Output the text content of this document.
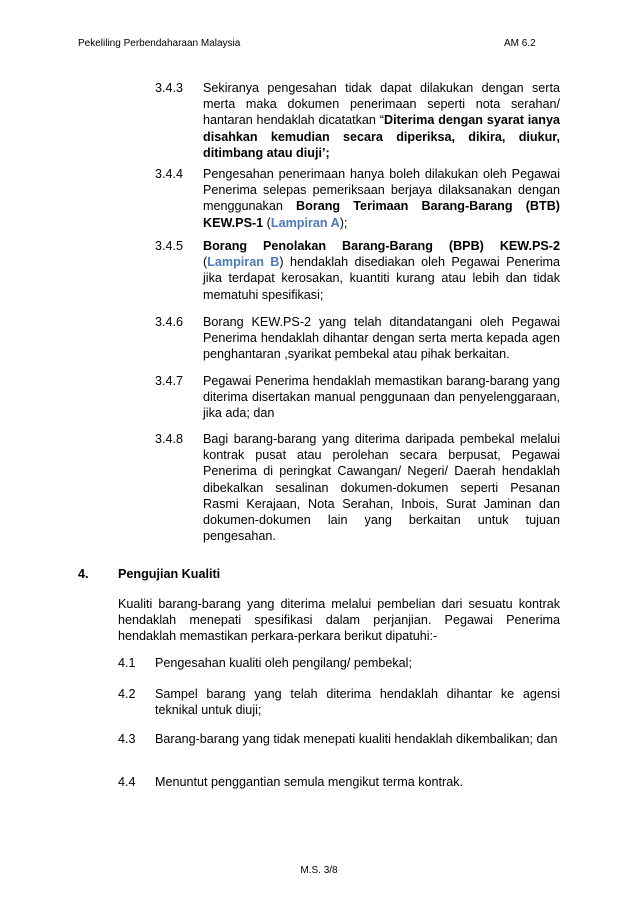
Pekeliling Perbendaharaan Malaysia	AM 6.2
3.4.3 Sekiranya pengesahan tidak dapat dilakukan dengan serta merta maka dokumen penerimaan seperti nota serahan/ hantaran hendaklah dicatatkan “Diterima dengan syarat ianya disahkan kemudian secara diperiksa, dikira, diukur, ditimbang atau diuji’;
3.4.4 Pengesahan penerimaan hanya boleh dilakukan oleh Pegawai Penerima selepas pemeriksaan berjaya dilaksanakan dengan menggunakan Borang Terimaan Barang-Barang (BTB) KEW.PS-1 (Lampiran A);
3.4.5 Borang Penolakan Barang-Barang (BPB) KEW.PS-2 (Lampiran B) hendaklah disediakan oleh Pegawai Penerima jika terdapat kerosakan, kuantiti kurang atau lebih dan tidak mematuhi spesifikasi;
3.4.6 Borang KEW.PS-2 yang telah ditandatangani oleh Pegawai Penerima hendaklah dihantar dengan serta merta kepada agen penghantaran ,syarikat pembekal atau pihak berkaitan.
3.4.7 Pegawai Penerima hendaklah memastikan barang-barang yang diterima disertakan manual penggunaan dan penyelenggaraan, jika ada; dan
3.4.8 Bagi barang-barang yang diterima daripada pembekal melalui kontrak pusat atau perolehan secara berpusat, Pegawai Penerima di peringkat Cawangan/ Negeri/ Daerah hendaklah dibekalkan sesalinan dokumen-dokumen seperti Pesanan Rasmi Kerajaan, Nota Serahan, Inbois, Surat Jaminan dan dokumen-dokumen lain yang berkaitan untuk tujuan pengesahan.
4. Pengujian Kualiti
Kualiti barang-barang yang diterima melalui pembelian dari sesuatu kontrak hendaklah menepati spesifikasi dalam perjanjian. Pegawai Penerima hendaklah memastikan perkara-perkara berikut dipatuhi:-
4.1 Pengesahan kualiti oleh pengilang/ pembekal;
4.2 Sampel barang yang telah diterima hendaklah dihantar ke agensi teknikal untuk diuji;
4.3 Barang-barang yang tidak menepati kualiti hendaklah dikembalikan; dan
4.4 Menuntut penggantian semula mengikut terma kontrak.
M.S. 3/8
